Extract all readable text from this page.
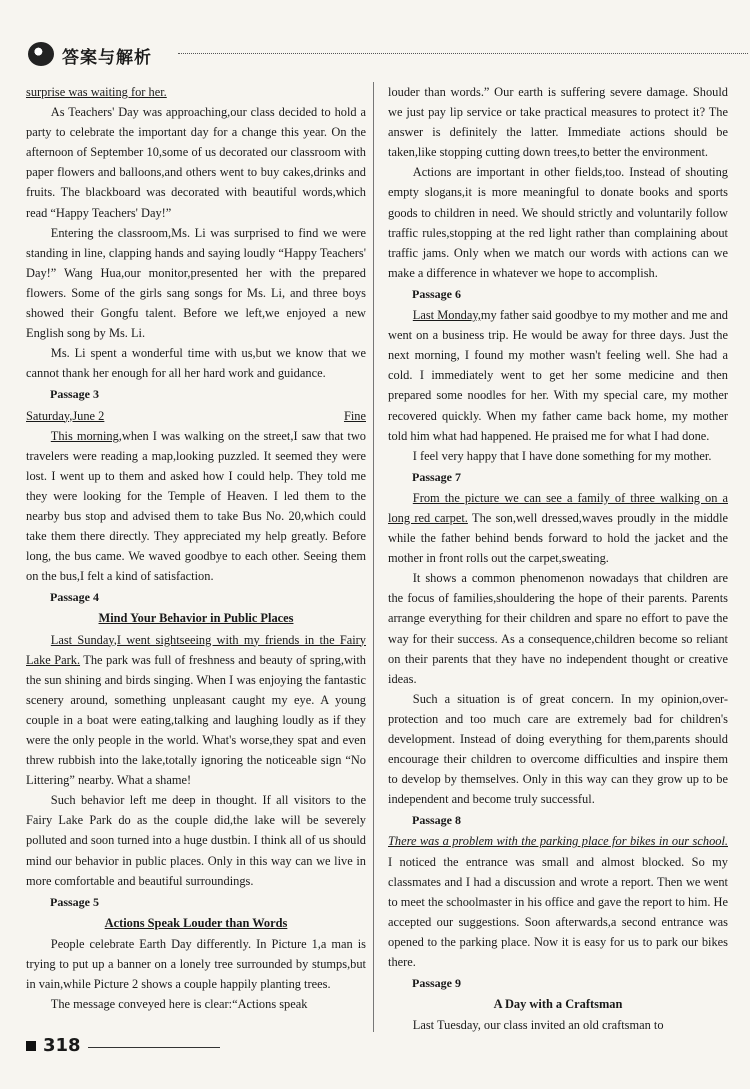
答案与解析

surprise was waiting for her.

As Teachers' Day was approaching,our class decided to hold a party to celebrate the important day for a change this year. On the afternoon of September 10,some of us decorated our classroom with paper flowers and balloons,and others went to buy cakes,drinks and fruits. The blackboard was decorated with beautiful words,which read “Happy Teachers' Day!”

Entering the classroom,Ms. Li was surprised to find we were standing in line, clapping hands and saying loudly “Happy Teachers' Day!” Wang Hua,our monitor,presented her with the prepared flowers. Some of the girls sang songs for Ms. Li, and three boys showed their Gongfu talent. Before we left,we enjoyed a new English song by Ms. Li.

Ms. Li spent a wonderful time with us,but we know that we cannot thank her enough for all her hard work and guidance.

Passage 3
Saturday,June 2	Fine

This morning,when I was walking on the street,I saw that two travelers were reading a map,looking puzzled. It seemed they were lost. I went up to them and asked how I could help. They told me they were looking for the Temple of Heaven. I led them to the nearby bus stop and advised them to take Bus No. 20,which could take them there directly. They appreciated my help greatly. Before long, the bus came. We waved goodbye to each other. Seeing them on the bus,I felt a kind of satisfaction.

Passage 4
Mind Your Behavior in Public Places

Last Sunday,I went sightseeing with my friends in the Fairy Lake Park. The park was full of freshness and beauty of spring,with the sun shining and birds singing. When I was enjoying the fantastic scenery around, something unpleasant caught my eye. A young couple in a boat were eating,talking and laughing loudly as if they were the only people in the world. What's worse,they spat and even threw rubbish into the lake,totally ignoring the noticeable sign “No Littering” nearby. What a shame!

Such behavior left me deep in thought. If all visitors to the Fairy Lake Park do as the couple did,the lake will be severely polluted and soon turned into a huge dustbin. I think all of us should mind our behavior in public places. Only in this way can we live in more comfortable and beautiful surroundings.

Passage 5
Actions Speak Louder than Words

People celebrate Earth Day differently. In Picture 1,a man is trying to put up a banner on a lonely tree surrounded by stumps,but in vain,while Picture 2 shows a couple happily planting trees.

The message conveyed here is clear:“Actions speak

louder than words.” Our earth is suffering severe damage. Should we just pay lip service or take practical measures to protect it? The answer is definitely the latter. Immediate actions should be taken,like stopping cutting down trees,to better the environment.

Actions are important in other fields,too. Instead of shouting empty slogans,it is more meaningful to donate books and sports goods to children in need. We should strictly and voluntarily follow traffic rules,stopping at the red light rather than complaining about traffic jams. Only when we match our words with actions can we make a difference in whatever we hope to accomplish.

Passage 6

Last Monday,my father said goodbye to my mother and me and went on a business trip. He would be away for three days. Just the next morning, I found my mother wasn't feeling well. She had a cold. I immediately went to get her some medicine and then prepared some noodles for her. With my special care, my mother recovered quickly. When my father came back home, my mother told him what had happened. He praised me for what I had done.

I feel very happy that I have done something for my mother.

Passage 7

From the picture we can see a family of three walking on a long red carpet. The son,well dressed,waves proudly in the middle while the father behind bends forward to hold the jacket and the mother in front rolls out the carpet,sweating.

It shows a common phenomenon nowadays that children are the focus of families,shouldering the hope of their parents. Parents arrange everything for their children and spare no effort to pave the way for their success. As a consequence,children become so reliant on their parents that they have no independent thought or creative ideas.

Such a situation is of great concern. In my opinion,over-protection and too much care are extremely bad for children's development. Instead of doing everything for them,parents should encourage their children to overcome difficulties and inspire them to develop by themselves. Only in this way can they grow up to be independent and become truly successful.

Passage 8

There was a problem with the parking place for bikes in our school. I noticed the entrance was small and almost blocked. So my classmates and I had a discussion and wrote a report. Then we went to meet the schoolmaster in his office and gave the report to him. He accepted our suggestions. Soon afterwards,a second entrance was opened to the parking place. Now it is easy for us to park our bikes there.

Passage 9
A Day with a Craftsman

Last Tuesday, our class invited an old craftsman to

318
